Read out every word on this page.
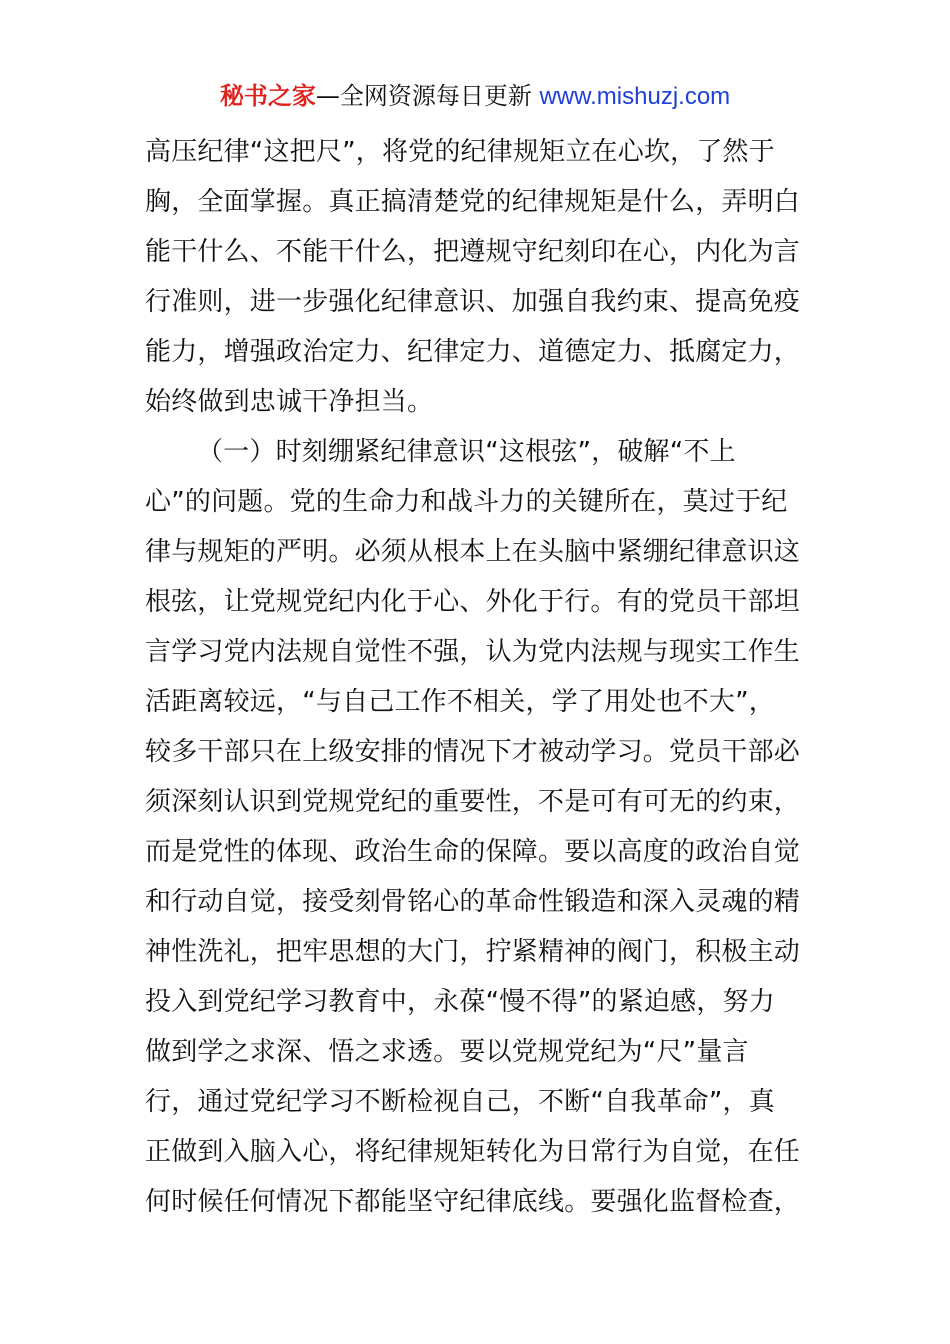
秘书之家—全网资源每日更新 www.mishuzj.com
高压纪律“这把尺”，将党的纪律规矩立在心坎，了然于
胸，全面掌握。真正搞清楚党的纪律规矩是什么，弄明白
能干什么、不能干什么，把遵规守纪刻印在心，内化为言
行准则，进一步强化纪律意识、加强自我约束、提高免疫
能力，增强政治定力、纪律定力、道德定力、抵腐定力，
始终做到忠诚干净担当。
（一）时刻绷紧纪律意识“这根弦”，破解“不上
心”的问题。党的生命力和战斗力的关键所在，莫过于纪
律与规矩的严明。必须从根本上在头脑中紧绷纪律意识这
根弦，让党规党纪内化于心、外化于行。有的党员干部坦
言学习党内法规自觉性不强，认为党内法规与现实工作生
活距离较远，“与自己工作不相关，学了用处也不大”，
较多干部只在上级安排的情况下才被动学习。党员干部必
须深刻认识到党规党纪的重要性，不是可有可无的约束，
而是党性的体现、政治生命的保障。要以高度的政治自觉
和行动自觉，接受刻骨铭心的革命性锻造和深入灵魂的精
神性洗礼，把牢思想的大门，拧紧精神的阀门，积极主动
投入到党纪学习教育中，永葆“慢不得”的紧迫感，努力
做到学之求深、悟之求透。要以党规党纪为“尺”量言
行，通过党纪学习不断检视自己，不断“自我革命”，真
正做到入脑入心，将纪律规矩转化为日常行为自觉，在任
何时候任何情况下都能坚守纪律底线。要强化监督检查，
